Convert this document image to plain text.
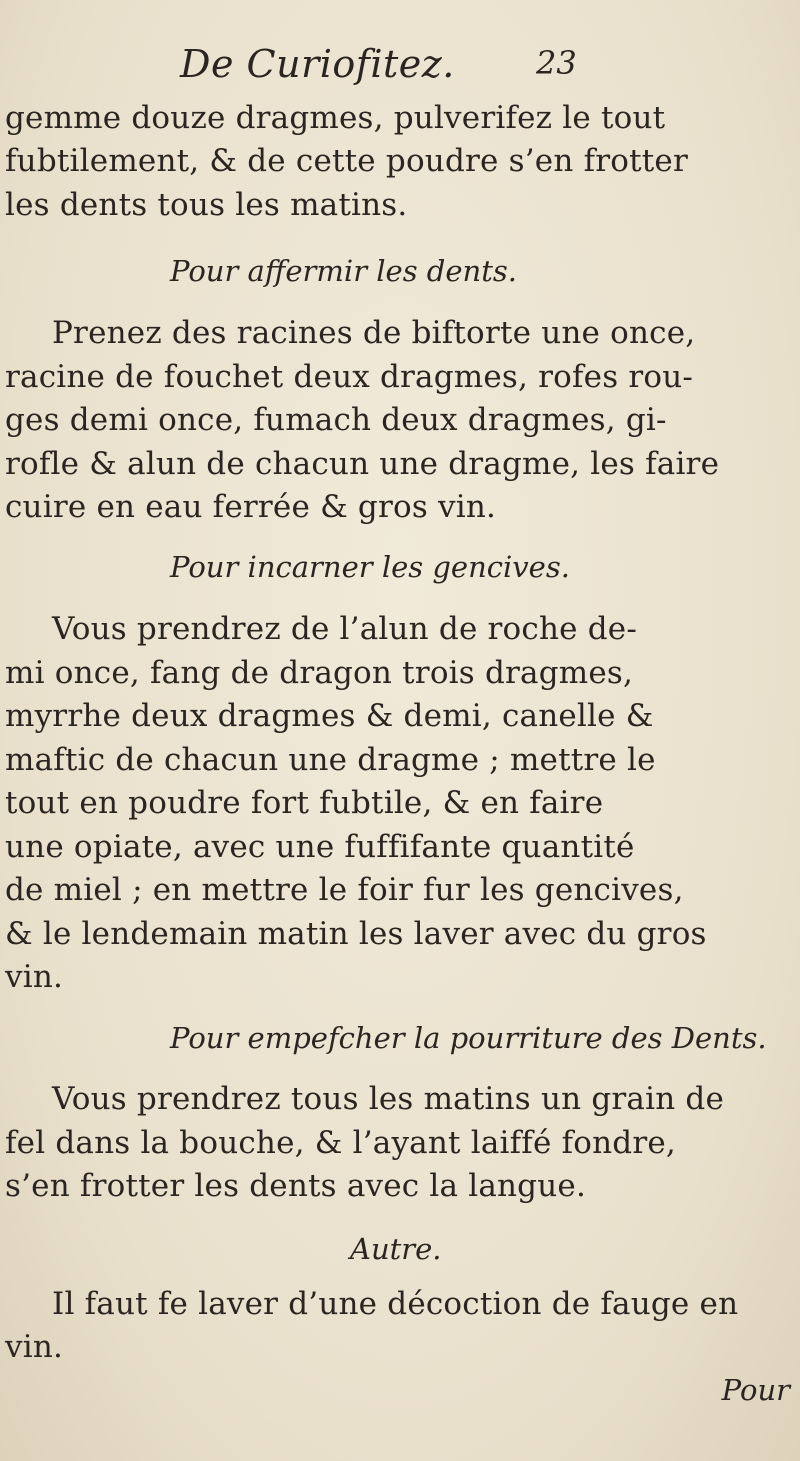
De Curiofitez.	23
gemme douze dragmes, pulverifez le tout
fubtilement, & de cette poudre s’en frotter
les dents tous les matins.
Pour affermir les dents.
Prenez des racines de biftorte une once,
racine de fouchet deux dragmes, rofes rou-
ges demi once, fumach deux dragmes, gi-
rofle & alun de chacun une dragme, les faire
cuire en eau ferrée & gros vin.
Pour incarner les gencives.
Vous prendrez de l’alun de roche de-
mi once, fang de dragon trois dragmes,
myrrhe deux dragmes & demi, canelle &
maftic de chacun une dragme ; mettre le
tout en poudre fort fubtile, & en faire
une opiate, avec une fuffifante quantité
de miel ; en mettre le foir fur les gencives,
& le lendemain matin les laver avec du gros
vin.
Pour empefcher la pourriture des Dents.
Vous prendrez tous les matins un grain de
fel dans la bouche, & l’ayant laiffé fondre,
s’en frotter les dents avec la langue.
Autre.
Il faut fe laver d’une décoction de fauge en
vin.
Pour
